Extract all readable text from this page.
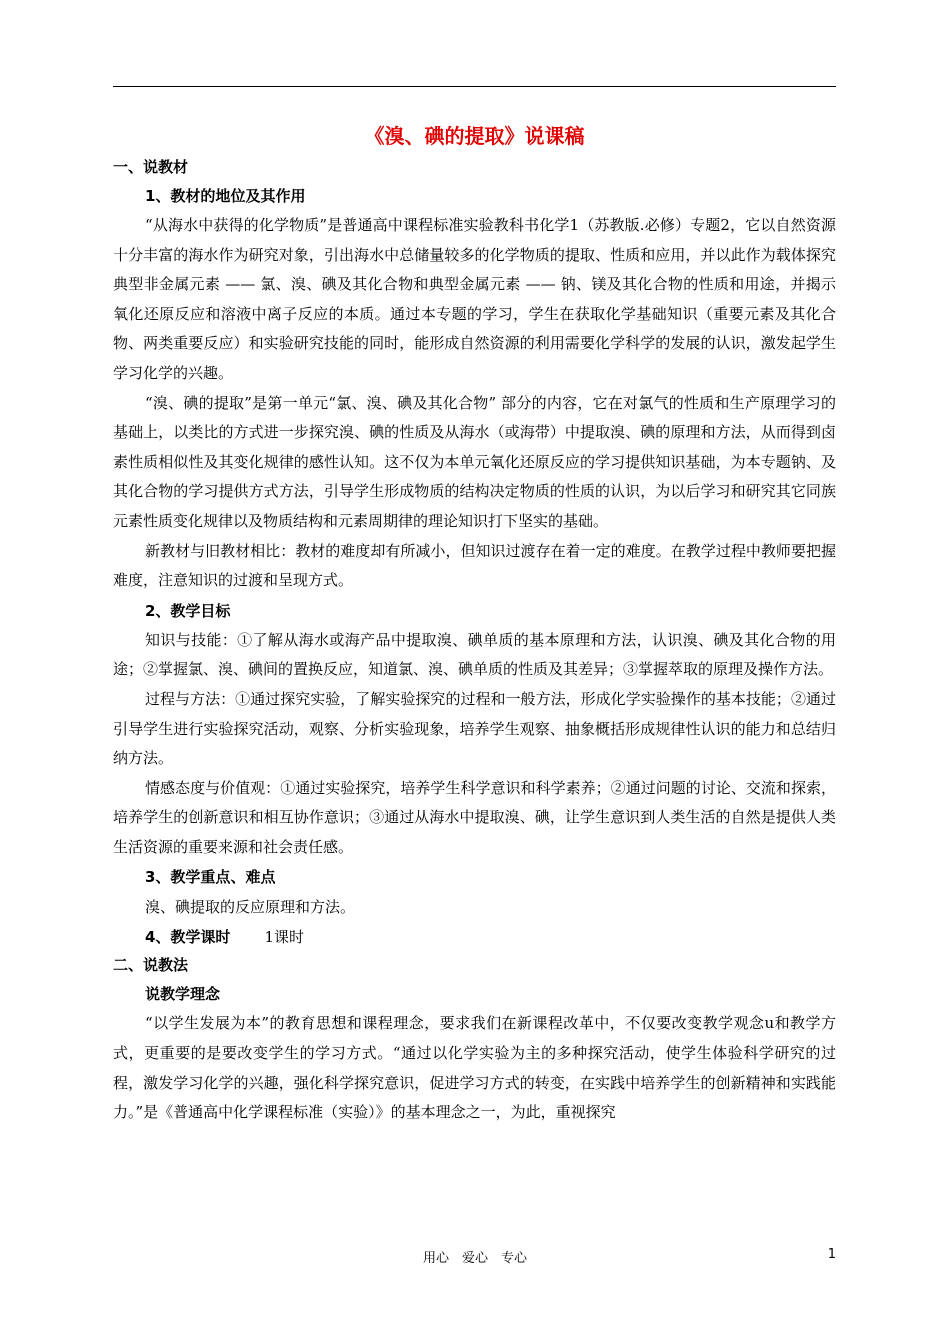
《溴、碘的提取》说课稿
一、说教材
1、教材的地位及其作用

“从海水中获得的化学物质”是普通高中课程标准实验教科书化学1（苏教版.必修）专题2，它以自然资源十分丰富的海水作为研究对象，引出海水中总储量较多的化学物质的提取、性质和应用，并以此作为载体探究典型非金属元素 —— 氯、溴、碘及其化合物和典型金属元素 —— 钠、镁及其化合物的性质和用途，并揭示氧化还原反应和溶液中离子反应的本质。通过本专题的学习，学生在获取化学基础知识（重要元素及其化合物、两类重要反应）和实验研究技能的同时，能形成自然资源的利用需要化学科学的发展的认识，激发起学生学习化学的兴趣。

“溴、碘的提取”是第一单元“氯、溴、碘及其化合物” 部分的内容，它在对氯气的性质和生产原理学习的基础上，以类比的方式进一步探究溴、碘的性质及从海水（或海带）中提取溴、碘的原理和方法，从而得到卤素性质相似性及其变化规律的感性认知。这不仅为本单元氧化还原反应的学习提供知识基础，为本专题钠、及其化合物的学习提供方式方法，引导学生形成物质的结构决定物质的性质的认识，为以后学习和研究其它同族元素性质变化规律以及物质结构和元素周期律的理论知识打下坚实的基础。

新教材与旧教材相比：教材的难度却有所减小，但知识过渡存在着一定的难度。在教学过程中教师要把握难度，注意知识的过渡和呈现方式。

2、教学目标

知识与技能：①了解从海水或海产品中提取溴、碘单质的基本原理和方法，认识溴、碘及其化合物的用途；②掌握氯、溴、碘间的置换反应，知道氯、溴、碘单质的性质及其差异；③掌握萃取的原理及操作方法。

过程与方法：①通过探究实验，了解实验探究的过程和一般方法，形成化学实验操作的基本技能；②通过引导学生进行实验探究活动，观察、分析实验现象，培养学生观察、抽象概括形成规律性认识的能力和总结归纳方法。

情感态度与价值观：①通过实验探究，培养学生科学意识和科学素养；②通过问题的讨论、交流和探索，培养学生的创新意识和相互协作意识；③通过从海水中提取溴、碘，让学生意识到人类生活的自然是提供人类生活资源的重要来源和社会责任感。

3、教学重点、难点

溴、碘提取的反应原理和方法。

4、教学课时 1课时
二、说教法
说教学理念

“以学生发展为本”的教育思想和课程理念，要求我们在新课程改革中，不仅要改变教学观念u和教学方式，更重要的是要改变学生的学习方式。“通过以化学实验为主的多种探究活动，使学生体验科学研究的过程，激发学习化学的兴趣，强化科学探究意识，促进学习方式的转变，在实践中培养学生的创新精神和实践能力。”是《普通高中化学课程标准（实验）》的基本理念之一，为此，重视探究

用心　爱心　专心	1
